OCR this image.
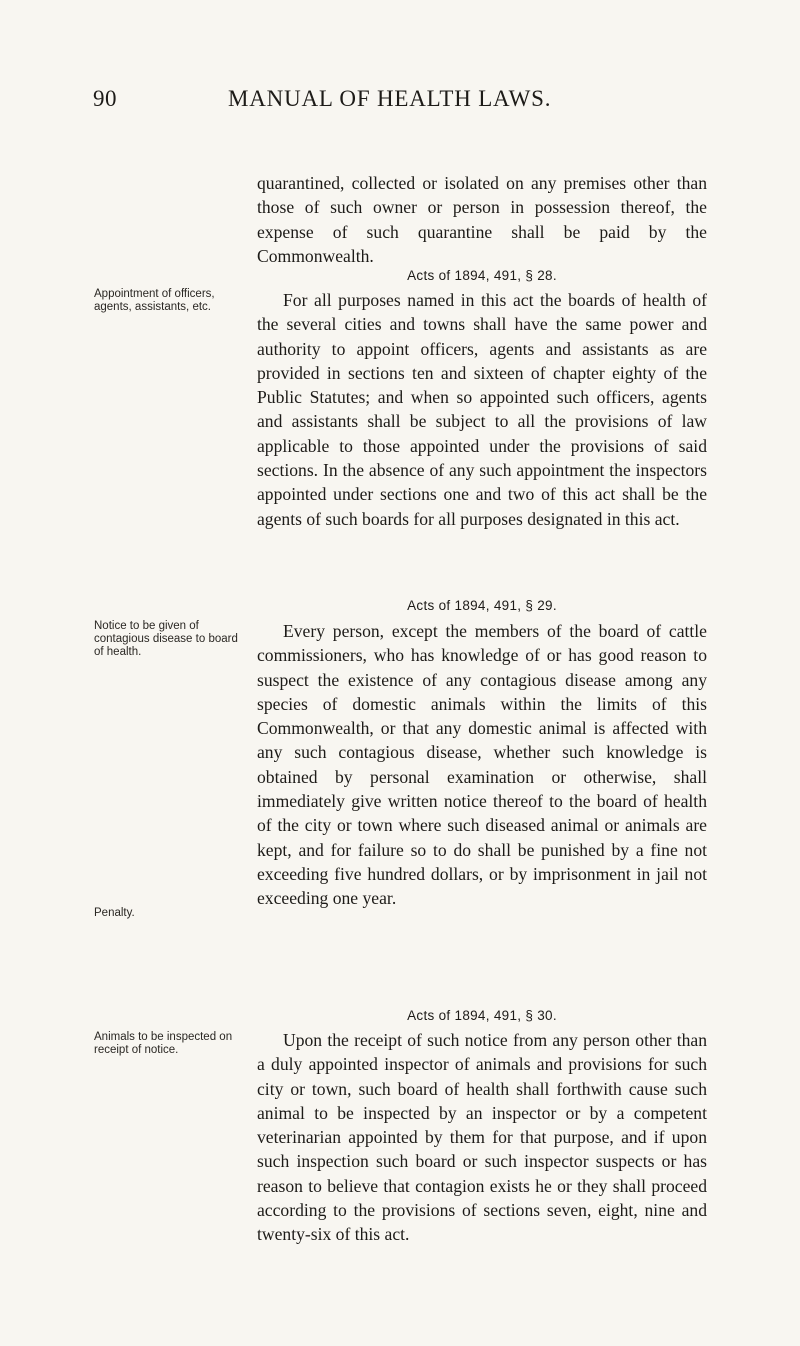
90	MANUAL OF HEALTH LAWS.

quarantined, collected or isolated on any premises other than those of such owner or person in possession thereof, the expense of such quarantine shall be paid by the Commonwealth.

Acts of 1894, 491, § 28.
Appointment of officers, agents, assistants, etc.	For all purposes named in this act the boards of health of the several cities and towns shall have the same power and authority to appoint officers, agents and assistants as are provided in sections ten and sixteen of chapter eighty of the Public Statutes; and when so appointed such officers, agents and assistants shall be subject to all the provisions of law applicable to those appointed under the provisions of said sections. In the absence of any such appointment the inspectors appointed under sections one and two of this act shall be the agents of such boards for all purposes designated in this act.

Acts of 1894, 491, § 29.
Notice to be given of contagious disease to board of health.
Penalty.

Every person, except the members of the board of cattle commissioners, who has knowledge of or has good reason to suspect the existence of any contagious disease among any species of domestic animals within the limits of this Commonwealth, or that any domestic animal is affected with any such contagious disease, whether such knowledge is obtained by personal examination or otherwise, shall immediately give written notice thereof to the board of health of the city or town where such diseased animal or animals are kept, and for failure so to do shall be punished by a fine not exceeding five hundred dollars, or by imprisonment in jail not exceeding one year.

Acts of 1894, 491, § 30.
Animals to be inspected on receipt of notice.	Upon the receipt of such notice from any person other than a duly appointed inspector of animals and provisions for such city or town, such board of health shall forthwith cause such animal to be inspected by an inspector or by a competent veterinarian appointed by them for that purpose, and if upon such inspection such board or such inspector suspects or has reason to believe that contagion exists he or they shall proceed according to the provisions of sections seven, eight, nine and twenty-six of this act.
